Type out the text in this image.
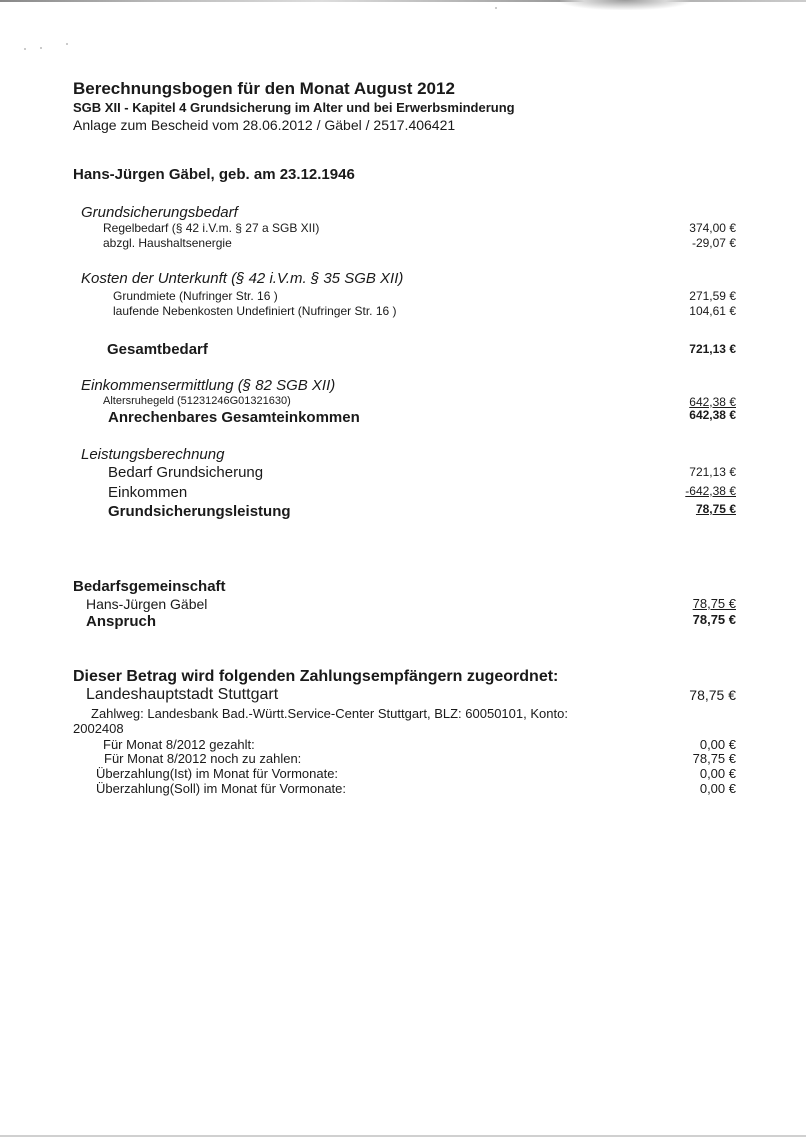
Berechnungsbogen für den Monat August 2012
SGB XII - Kapitel 4 Grundsicherung im Alter und bei Erwerbsminderung
Anlage zum Bescheid vom 28.06.2012 / Gäbel / 2517.406421
Hans-Jürgen Gäbel, geb. am 23.12.1946
Grundsicherungsbedarf
Regelbedarf (§ 42 i.V.m. § 27 a SGB XII)	374,00 €
abzgl. Haushaltsenergie	-29,07 €
Kosten der Unterkunft (§ 42 i.V.m. § 35 SGB XII)
Grundmiete (Nufringer Str. 16 )	271,59 €
laufende Nebenkosten Undefiniert (Nufringer Str. 16 )	104,61 €
Gesamtbedarf	721,13 €
Einkommensermittlung (§ 82 SGB XII)
Altersruhegeld (51231246G01321630)	642,38 €
Anrechenbares Gesamteinkommen	642,38 €
Leistungsberechnung
Bedarf Grundsicherung	721,13 €
Einkommen	-642,38 €
Grundsicherungsleistung	78,75 €
Bedarfsgemeinschaft
Hans-Jürgen Gäbel	78,75 €
Anspruch	78,75 €
Dieser Betrag wird folgenden Zahlungsempfängern zugeordnet:
Landeshauptstadt Stuttgart	78,75 €
Zahlweg: Landesbank Bad.-Württ.Service-Center Stuttgart, BLZ: 60050101, Konto:
2002408
Für Monat 8/2012 gezahlt:	0,00 €
Für Monat 8/2012 noch zu zahlen:	78,75 €
Überzahlung(Ist) im Monat für Vormonate:	0,00 €
Überzahlung(Soll) im Monat für Vormonate:	0,00 €
